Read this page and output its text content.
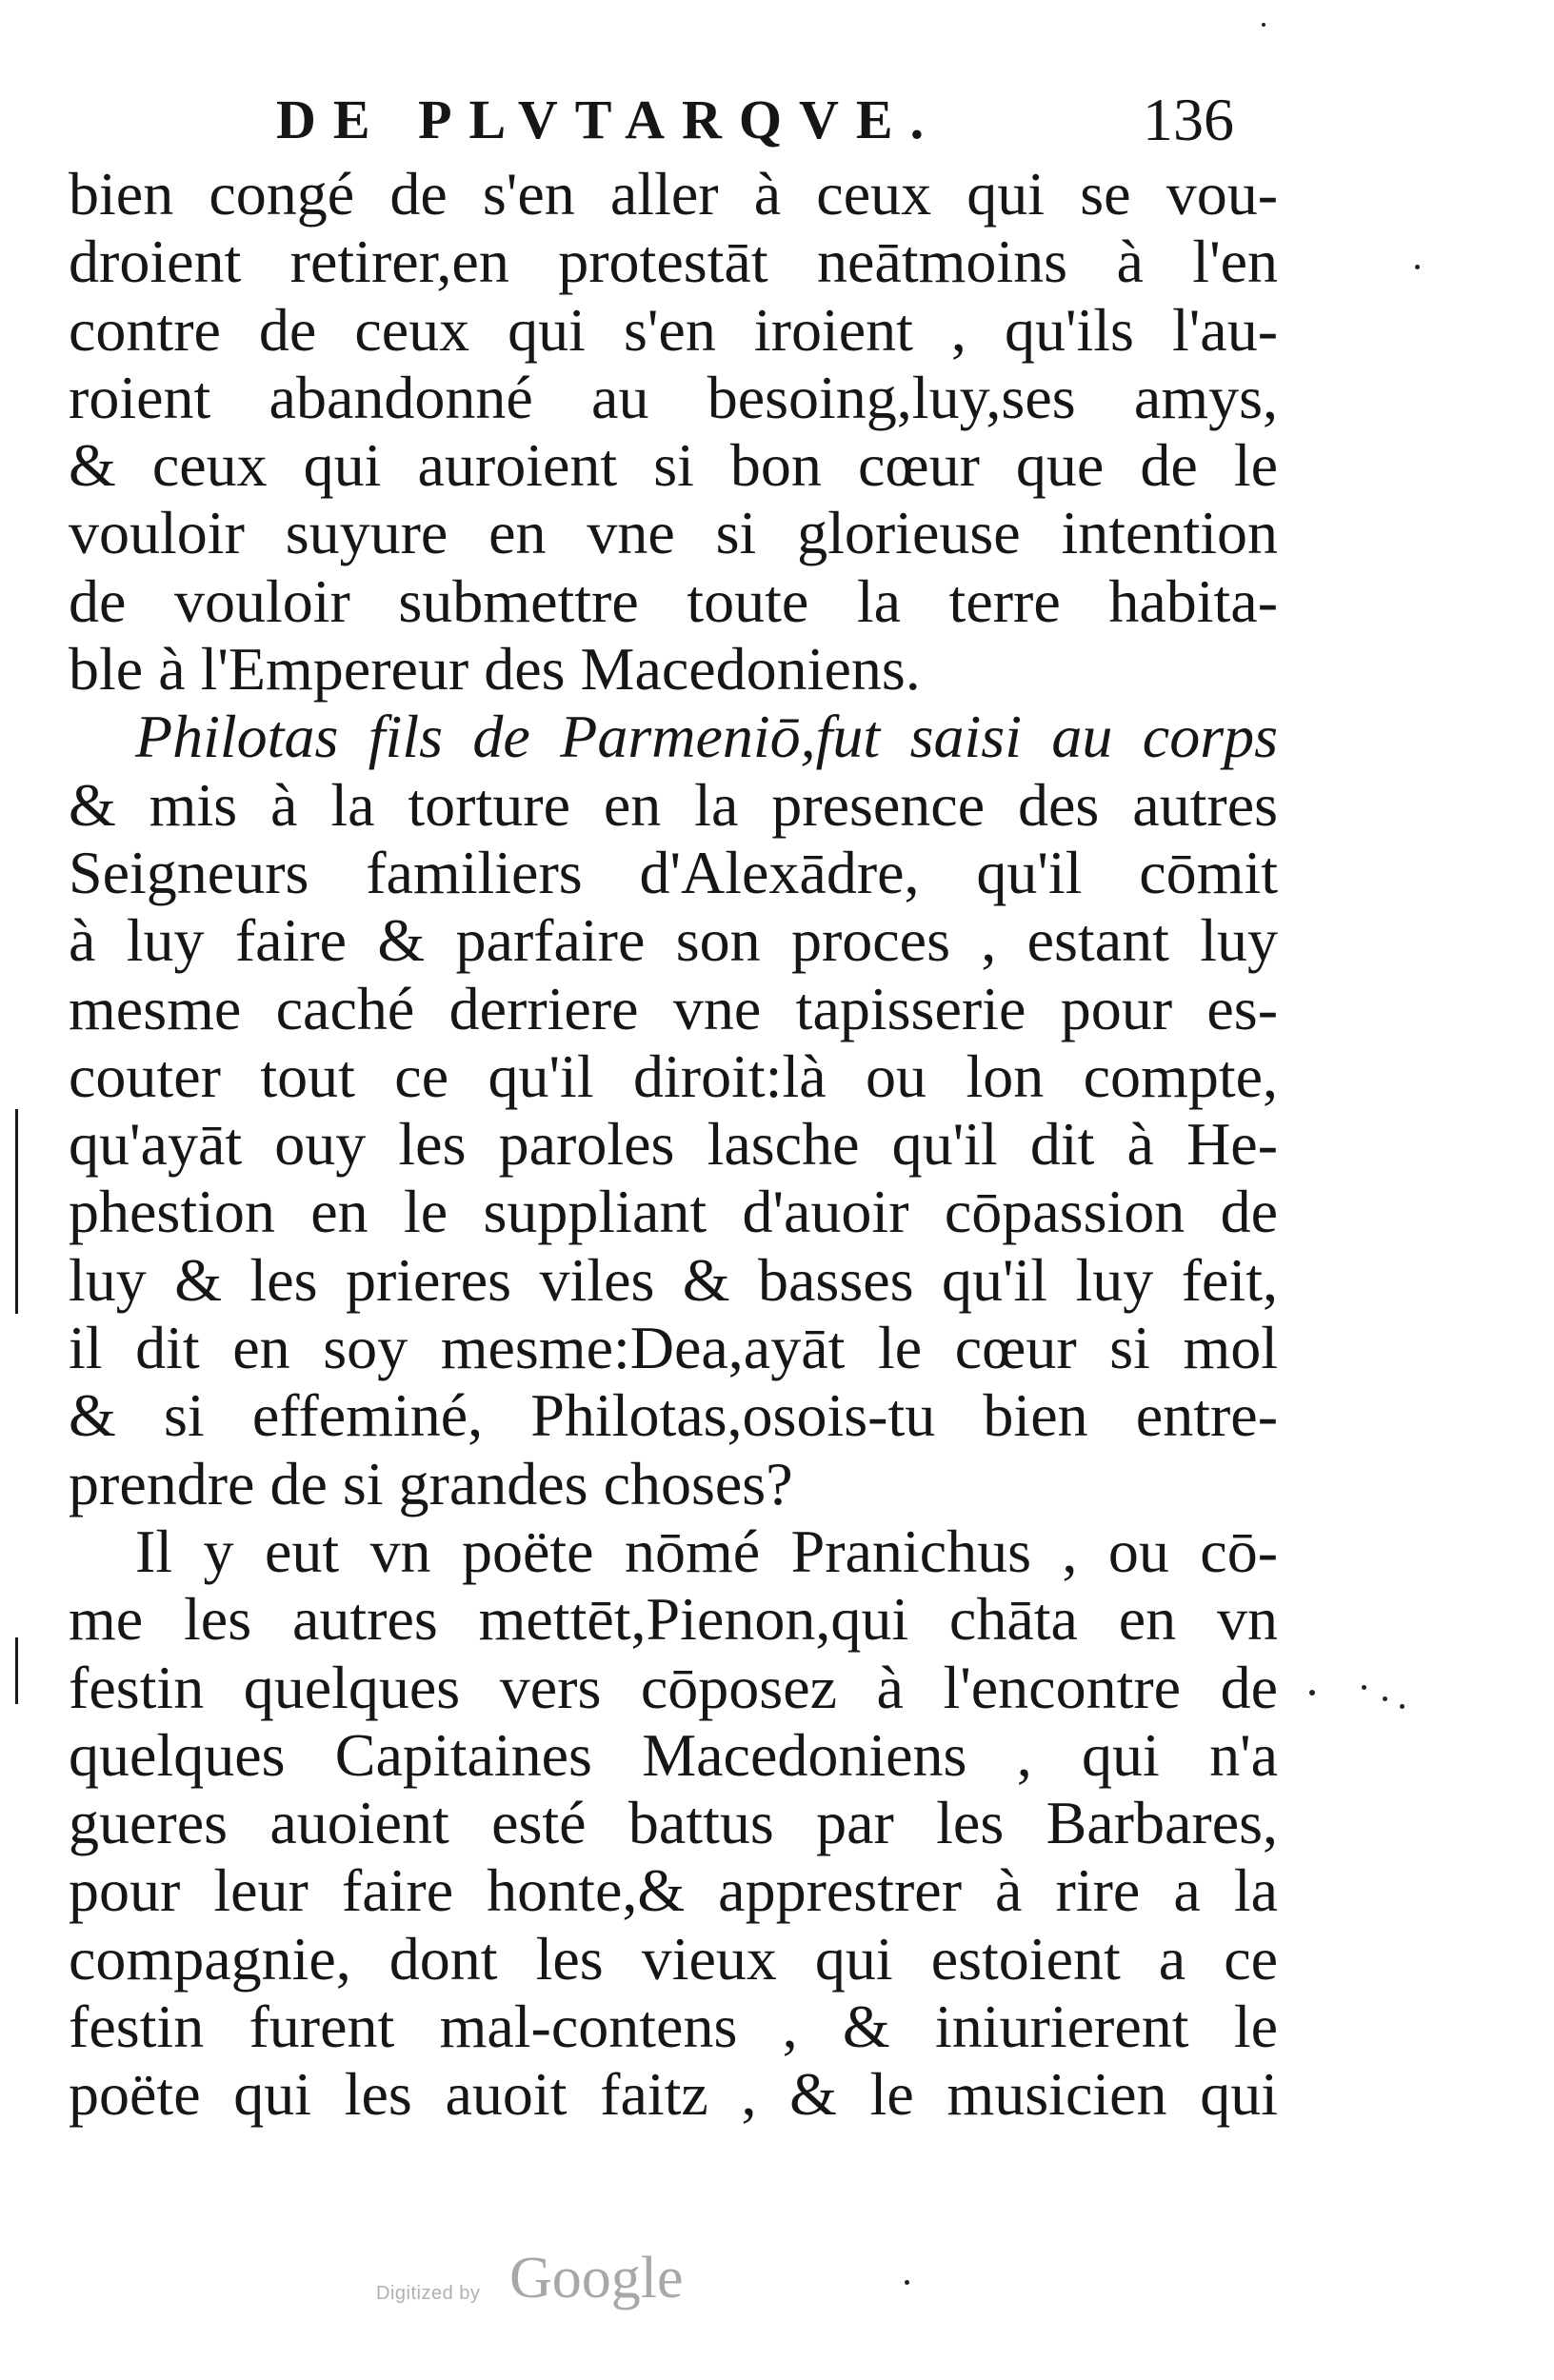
DE PLVTARQVE.	136
bien congé de s'en aller à ceux qui se vou-
droient retirer,en protestāt neātmoins à l'en
contre de ceux qui s'en iroient , qu'ils l'au-
roient abandonné au besoing,luy,ses amys,
& ceux qui auroient si bon cœur que de le
vouloir suyure en vne si glorieuse intention
de vouloir submettre toute la terre habita-
ble à l'Empereur des Macedoniens.
Philotas fils de Parmeniō,fut saisi au corps
& mis à la torture en la presence des autres
Seigneurs familiers d'Alexādre, qu'il cōmit
à luy faire & parfaire son proces , estant luy
mesme caché derriere vne tapisserie pour es-
couter tout ce qu'il diroit:là ou lon compte,
qu'ayāt ouy les paroles lasche qu'il dit à He-
phestion en le suppliant d'auoir cōpassion de
luy & les prieres viles & basses qu'il luy feit,
il dit en soy mesme:Dea,ayāt le cœur si mol
& si effeminé, Philotas,osois-tu bien entre-
prendre de si grandes choses?
Il y eut vn poëte nōmé Pranichus , ou cō-
me les autres mettēt,Pienon,qui chāta en vn
festin quelques vers cōposez à l'encontre de
quelques Capitaines Macedoniens , qui n'a
gueres auoient esté battus par les Barbares,
pour leur faire honte,& apprestrer à rire a la
compagnie, dont les vieux qui estoient a ce
festin furent mal-contens , & iniurierent le
poëte qui les auoit faitz , & le musicien qui
Digitized by Google
